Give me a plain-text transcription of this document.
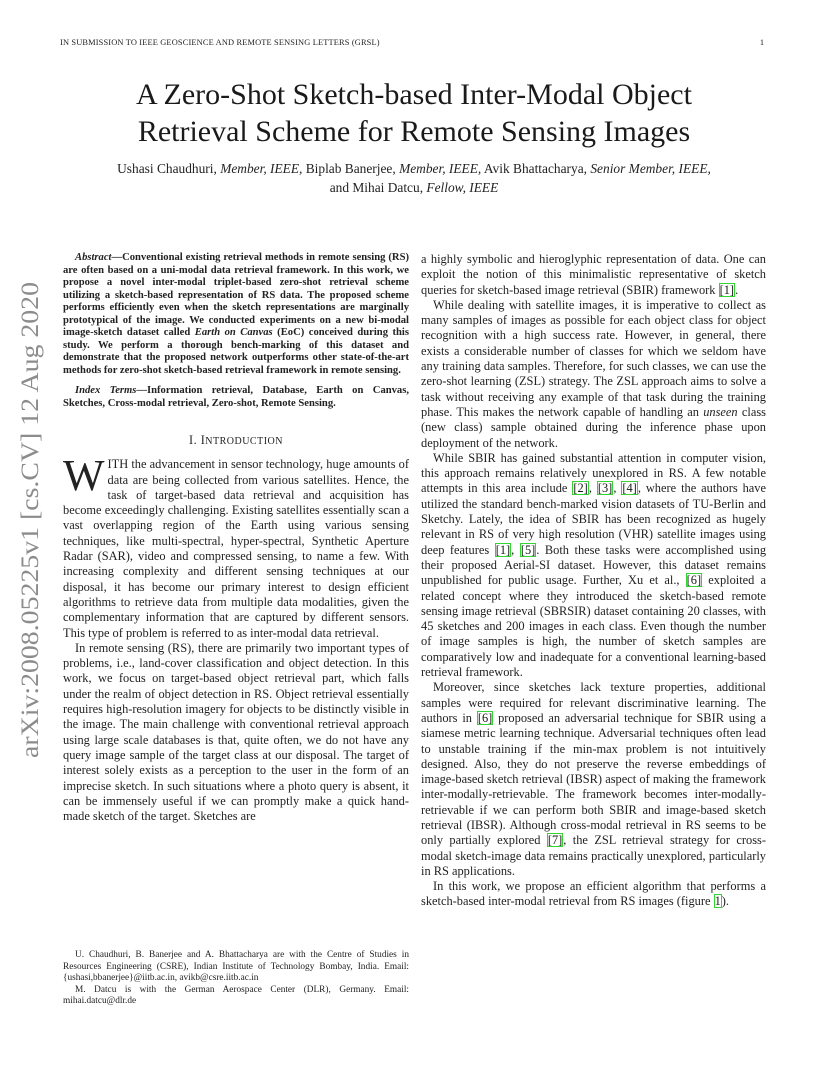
IN SUBMISSION TO IEEE GEOSCIENCE AND REMOTE SENSING LETTERS (GRSL)	1
arXiv:2008.05225v1 [cs.CV] 12 Aug 2020
A Zero-Shot Sketch-based Inter-Modal Object
Retrieval Scheme for Remote Sensing Images
Ushasi Chaudhuri, Member, IEEE, Biplab Banerjee, Member, IEEE, Avik Bhattacharya, Senior Member, IEEE,
and Mihai Datcu, Fellow, IEEE
Abstract—Conventional existing retrieval methods in remote sensing (RS) are often based on a uni-modal data retrieval framework. In this work, we propose a novel inter-modal triplet-based zero-shot retrieval scheme utilizing a sketch-based representation of RS data. The proposed scheme performs efficiently even when the sketch representations are marginally prototypical of the image. We conducted experiments on a new bi-modal image-sketch dataset called Earth on Canvas (EoC) conceived during this study. We perform a thorough bench-marking of this dataset and demonstrate that the proposed network outperforms other state-of-the-art methods for zero-shot sketch-based retrieval framework in remote sensing.
Index Terms—Information retrieval, Database, Earth on Canvas, Sketches, Cross-modal retrieval, Zero-shot, Remote Sensing.
I. INTRODUCTION

WITH the advancement in sensor technology, huge amounts of data are being collected from various satellites. Hence, the task of target-based data retrieval and acquisition has become exceedingly challenging. Existing satellites essentially scan a vast overlapping region of the Earth using various sensing techniques, like multi-spectral, hyper-spectral, Synthetic Aperture Radar (SAR), video and compressed sensing, to name a few. With increasing complexity and different sensing techniques at our disposal, it has become our primary interest to design efficient algorithms to retrieve data from multiple data modalities, given the complementary information that are captured by different sensors. This type of problem is referred to as inter-modal data retrieval.

In remote sensing (RS), there are primarily two important types of problems, i.e., land-cover classification and object detection. In this work, we focus on target-based object retrieval part, which falls under the realm of object detection in RS. Object retrieval essentially requires high-resolution imagery for objects to be distinctly visible in the image. The main challenge with conventional retrieval approach using large scale databases is that, quite often, we do not have any query image sample of the target class at our disposal. The target of interest solely exists as a perception to the user in the form of an imprecise sketch. In such situations where a photo query is absent, it can be immensely useful if we can promptly make a quick hand-made sketch of the target. Sketches are

U. Chaudhuri, B. Banerjee and A. Bhattacharya are with the Centre of Studies in Resources Engineering (CSRE), Indian Institute of Technology Bombay, India. Email: {ushasi,bbanerjee}@iitb.ac.in, avikb@csre.iitb.ac.in

M. Datcu is with the German Aerospace Center (DLR), Germany. Email: mihai.datcu@dlr.de

a highly symbolic and hieroglyphic representation of data. One can exploit the notion of this minimalistic representative of sketch queries for sketch-based image retrieval (SBIR) framework [1].

While dealing with satellite images, it is imperative to collect as many samples of images as possible for each object class for object recognition with a high success rate. However, in general, there exists a considerable number of classes for which we seldom have any training data samples. Therefore, for such classes, we can use the zero-shot learning (ZSL) strategy. The ZSL approach aims to solve a task without receiving any example of that task during the training phase. This makes the network capable of handling an unseen class (new class) sample obtained during the inference phase upon deployment of the network.

While SBIR has gained substantial attention in computer vision, this approach remains relatively unexplored in RS. A few notable attempts in this area include [2], [3], [4], where the authors have utilized the standard bench-marked vision datasets of TU-Berlin and Sketchy. Lately, the idea of SBIR has been recognized as hugely relevant in RS of very high resolution (VHR) satellite images using deep features [1], [5]. Both these tasks were accomplished using their proposed Aerial-SI dataset. However, this dataset remains unpublished for public usage. Further, Xu et al., [6] exploited a related concept where they introduced the sketch-based remote sensing image retrieval (SBRSIR) dataset containing 20 classes, with 45 sketches and 200 images in each class. Even though the number of image samples is high, the number of sketch samples are comparatively low and inadequate for a conventional learning-based retrieval framework.

Moreover, since sketches lack texture properties, additional samples were required for relevant discriminative learning. The authors in [6] proposed an adversarial technique for SBIR using a siamese metric learning technique. Adversarial techniques often lead to unstable training if the min-max problem is not intuitively designed. Also, they do not preserve the reverse embeddings of image-based sketch retrieval (IBSR) aspect of making the framework inter-modally-retrievable. The framework becomes inter-modally-retrievable if we can perform both SBIR and image-based sketch retrieval (IBSR). Although cross-modal retrieval in RS seems to be only partially explored [7], the ZSL retrieval strategy for cross-modal sketch-image data remains practically unexplored, particularly in RS applications.

In this work, we propose an efficient algorithm that performs a sketch-based inter-modal retrieval from RS images (figure 1).
